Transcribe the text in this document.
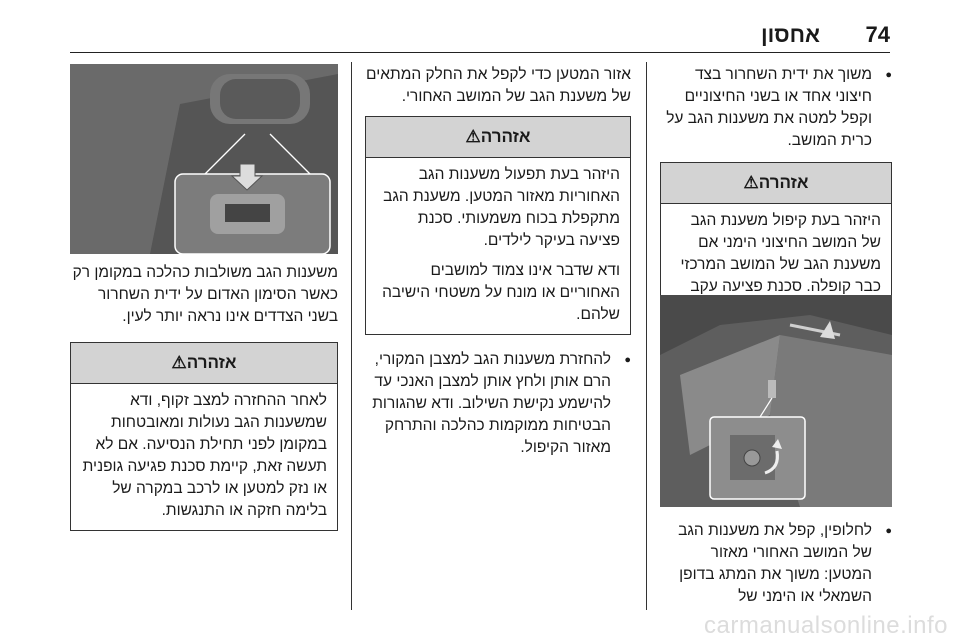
74
אחסון

● משוך את ידית השחרור בצד חיצוני אחד או בשני החיצוניים וקפל למטה את משענות הגב על כרית המושב.

אזהרה⚠

היזהר בעת קיפול משענת הגב של המושב החיצוני הימני אם משענת הגב של המושב המרכזי כבר קופלה. סכנת פציעה עקב

● לחלופין, קפל את משענות הגב של המושב האחורי מאזור המטען: משוך את המתג בדופן השמאלי או הימני של

אזור המטען כדי לקפל את החלק המתאים של משענת הגב של המושב האחורי.

אזהרה⚠

היזהר בעת תפעול משענות הגב האחוריות מאזור המטען. משענת הגב מתקפלת בכוח משמעותי. סכנת פציעה בעיקר לילדים.

ודא שדבר אינו צמוד למושבים האחוריים או מונח על משטחי הישיבה שלהם.

● להחזרת משענות הגב למצבן המקורי, הרם אותן ולחץ אותן למצבן האנכי עד להישמע נקישת השילוב. ודא שהגורות הבטיחות ממוקמות כהלכה והתרחק מאזור הקיפול.

משענות הגב משולבות כהלכה במקומן רק כאשר הסימון האדום על ידית השחרור בשני הצדדים אינו נראה יותר לעין.

אזהרה⚠

לאחר ההחזרה למצב זקוף, ודא שמשענות הגב נעולות ומאובטחות במקומן לפני תחילת הנסיעה. אם לא תעשה זאת, קיימת סכנת פגיעה גופנית או נזק למטען או לרכב במקרה של בלימה חזקה או התנגשות.

carmanualsonline.info
